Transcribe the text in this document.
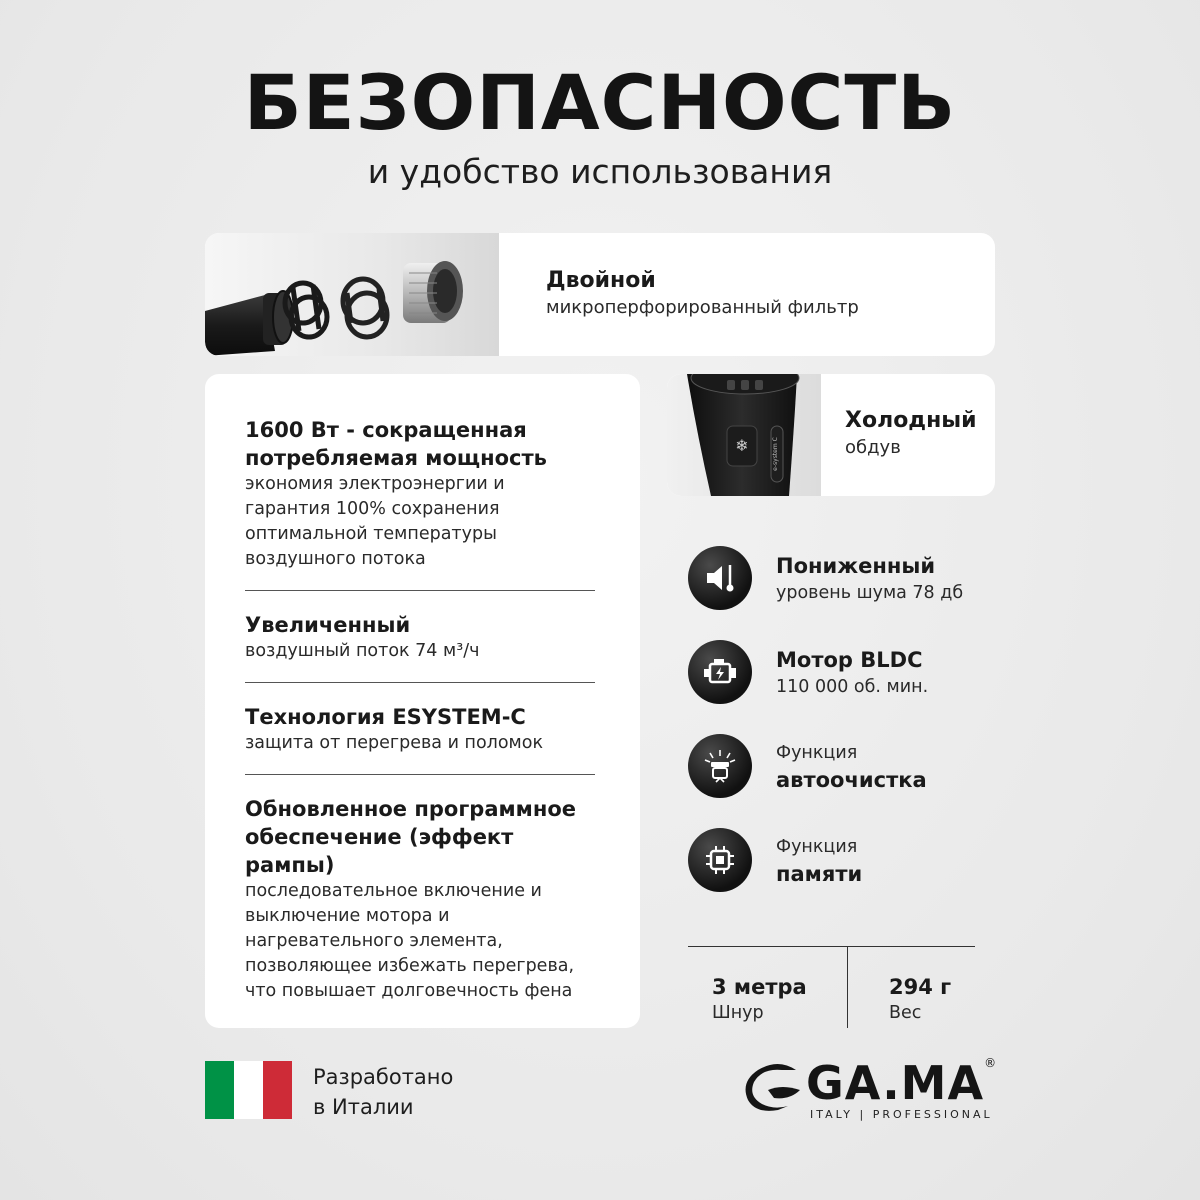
БЕЗОПАСНОСТЬ
и удобство использования
Двойной
микроперфорированный фильтр
1600 Вт - сокращенная потребляемая мощность
экономия электроэнергии и гарантия 100% сохранения оптимальной температуры воздушного потока
Увеличенный
воздушный поток 74 м³/ч
Технология ESYSTEM-C
защита от перегрева и поломок
Обновленное программное обеспечение (эффект рампы)
последовательное включение и выключение мотора и нагревательного элемента, позволяющее избежать перегрева, что повышает долговечность фена
❄	e-system C
Холодный
обдув
Пониженный
уровень шума 78 дб
Мотор BLDC
110 000 об. мин.
Функция
автоочистка
Функция
памяти
3 метра
Шнур
294 г
Вес
Разработано
в Италии	GA.MA®
ITALY | PROFESSIONAL
